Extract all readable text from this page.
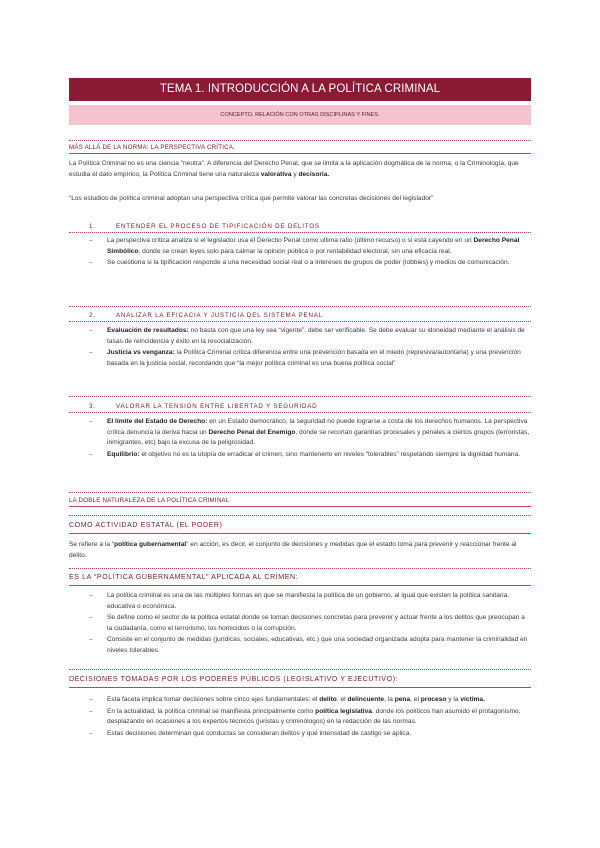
TEMA 1. INTRODUCCIÓN A LA POLÍTICA CRIMINAL
CONCEPTO, RELACIÓN CON OTRAS DISCIPLINAS Y FINES.
MÁS ALLÁ DE LA NORMA: LA PERSPECTIVA CRÍTICA.
La Política Criminal no es una ciencia “neutra”. A diferencia del Derecho Penal, que se limita a la aplicación dogmática de la norma, o la Criminología, que estudia el dato empírico, la Política Criminal tiene una naturaleza valorativa y decisoria.
“Los estudios de política criminal adoptan una perspectiva crítica que permite valorar las concretas decisiones del legislador”
1.	ENTENDER EL PROCESO DE TIPIFICACIÓN DE DELITOS
– La perspectiva crítica analiza si el legislador usa el Derecho Penal como ultima ratio (último recurso) o si está cayendo en un Derecho Penal Simbólico, donde se crean leyes solo para calmar la opinión pública o por rentabilidad electoral, sin una eficacia real.
– Se cuestiona si la tipificación responde a una necesidad social real o a intereses de grupos de poder (lobbies) y medios de comunicación.
2.	ANALIZAR LA EFICACIA Y JUSTICIA DEL SISTEMA PENAL
– Evaluación de resultados: no basta con que una ley sea “vigente”, debe ser verificable. Se debe evaluar su idoneidad mediante el análisis de tasas de reincidencia y éxito en la resocialización.
– Justicia vs venganza: la Política Criminal crítica diferencia entre una prevención basada en el miedo (represiva/autoritaria) y una prevención basada en la justicia social, recordando que “la mejor política criminal es una buena política social”
3.	VALORAR LA TENSIÓN ENTRE LIBERTAD Y SEGURIDAD
– El límite del Estado de Derecho: en un Estado democrático, la seguridad no puede lograrse a costa de los derechos humanos. La perspectiva crítica denuncia la deriva hacia un Derecho Penal del Enemigo, donde se recortan garantías procesales y penales a ciertos grupos (terroristas, inmigrantes, etc) bajo la excusa de la peligrosidad.
– Equilibrio: el objetivo no es la utopía de erradicar el crimen, sino mantenerlo en niveles “tolerables” respetando siempre la dignidad humana.
LA DOBLE NATURALEZA DE LA POLÍTICA CRIMINAL
COMO ACTIVIDAD ESTATAL (EL PODER)
Se refiere a la “política gubernamental” en acción, es decir, el conjunto de decisiones y medidas que el estado toma para prevenir y reaccionar frente al delito.
ES LA “POLÍTICA GUBERNAMENTAL” APLICADA AL CRIMEN:
– La política criminal es una de las múltiples formas en que se manifiesta la política de un gobierno, al igual que existen la política sanitaria, educativa o económica.
– Se define como el sector de la política estatal donde se toman decisiones concretas para prevenir y actuar frente a los delitos que preocupan a la ciudadanía, como el terrorismo, los homicidios o la corrupción.
– Consiste en el conjunto de medidas (jurídicas, sociales, educativas, etc.) que una sociedad organizada adopta para mantener la criminalidad en niveles tolerables.
DECISIONES TOMADAS POR LOS PODERES PÚBLICOS (LEGISLATIVO Y EJECUTIVO):
– Esta faceta implica tomar decisiones sobre cinco ejes fundamentales: el delito, el delincuente, la pena, el proceso y la víctima.
– En la actualidad, la política criminal se manifiesta principalmente como política legislativa, donde los políticos han asumido el protagonismo, desplazando en ocasiones a los expertos técnicos (juristas y criminólogos) en la redacción de las normas.
– Estas decisiones determinan qué conductas se consideran delitos y qué intensidad de castigo se aplica.
